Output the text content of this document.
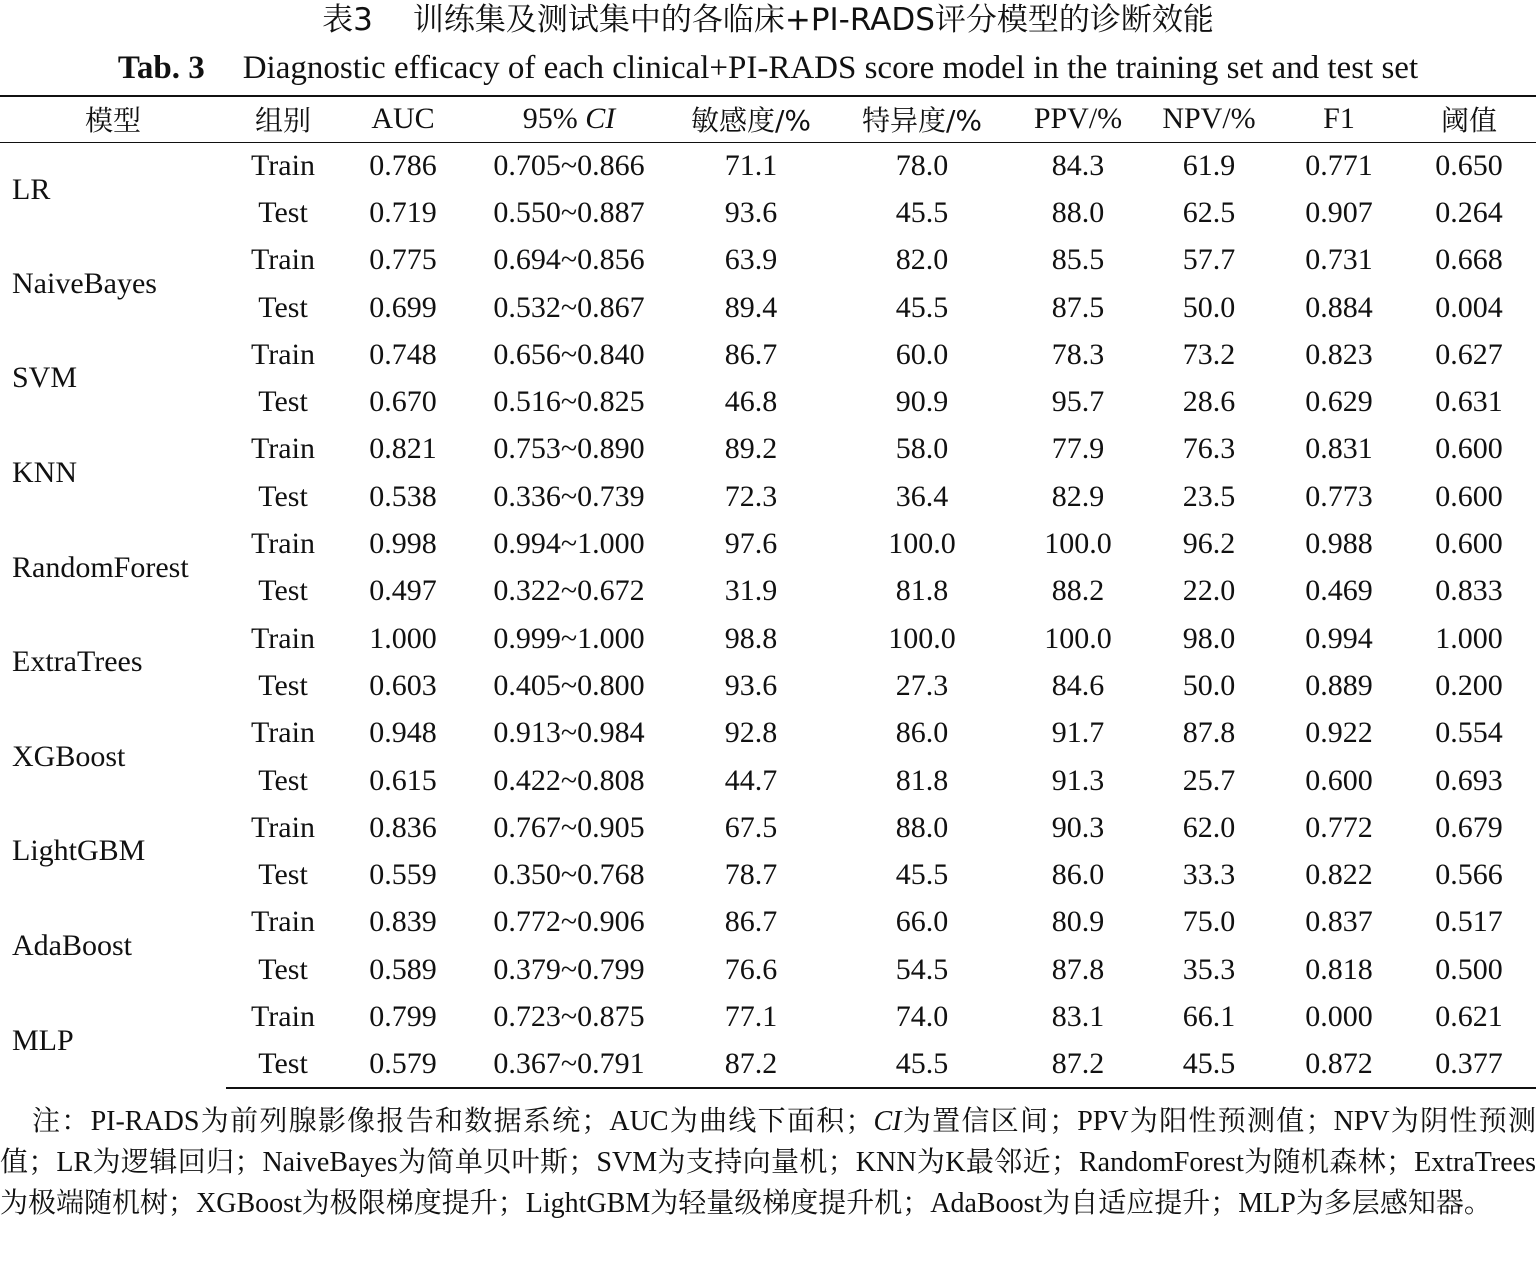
表3 训练集及测试集中的各临床+PI-RADS评分模型的诊断效能
Tab. 3 Diagnostic efficacy of each clinical+PI-RADS score model in the training set and test set
模型	组别	AUC	95% CI	敏感度/%	特异度/%	PPV/%	NPV/%	F1	阈值
LR	Train	0.786	0.705~0.866	71.1	78.0	84.3	61.9	0.771	0.650
	Test	0.719	0.550~0.887	93.6	45.5	88.0	62.5	0.907	0.264
NaiveBayes	Train	0.775	0.694~0.856	63.9	82.0	85.5	57.7	0.731	0.668
	Test	0.699	0.532~0.867	89.4	45.5	87.5	50.0	0.884	0.004
SVM	Train	0.748	0.656~0.840	86.7	60.0	78.3	73.2	0.823	0.627
	Test	0.670	0.516~0.825	46.8	90.9	95.7	28.6	0.629	0.631
KNN	Train	0.821	0.753~0.890	89.2	58.0	77.9	76.3	0.831	0.600
	Test	0.538	0.336~0.739	72.3	36.4	82.9	23.5	0.773	0.600
RandomForest	Train	0.998	0.994~1.000	97.6	100.0	100.0	96.2	0.988	0.600
	Test	0.497	0.322~0.672	31.9	81.8	88.2	22.0	0.469	0.833
ExtraTrees	Train	1.000	0.999~1.000	98.8	100.0	100.0	98.0	0.994	1.000
	Test	0.603	0.405~0.800	93.6	27.3	84.6	50.0	0.889	0.200
XGBoost	Train	0.948	0.913~0.984	92.8	86.0	91.7	87.8	0.922	0.554
	Test	0.615	0.422~0.808	44.7	81.8	91.3	25.7	0.600	0.693
LightGBM	Train	0.836	0.767~0.905	67.5	88.0	90.3	62.0	0.772	0.679
	Test	0.559	0.350~0.768	78.7	45.5	86.0	33.3	0.822	0.566
AdaBoost	Train	0.839	0.772~0.906	86.7	66.0	80.9	75.0	0.837	0.517
	Test	0.589	0.379~0.799	76.6	54.5	87.8	35.3	0.818	0.500
MLP	Train	0.799	0.723~0.875	77.1	74.0	83.1	66.1	0.000	0.621
	Test	0.579	0.367~0.791	87.2	45.5	87.2	45.5	0.872	0.377

注：PI-RADS为前列腺影像报告和数据系统；AUC为曲线下面积；CI为置信区间；PPV为阳性预测值；NPV为阴性预测值；LR为逻辑回归；NaiveBayes为简单贝叶斯；SVM为支持向量机；KNN为K最邻近；RandomForest为随机森林；ExtraTrees为极端随机树；XGBoost为极限梯度提升；LightGBM为轻量级梯度提升机；AdaBoost为自适应提升；MLP为多层感知器。
